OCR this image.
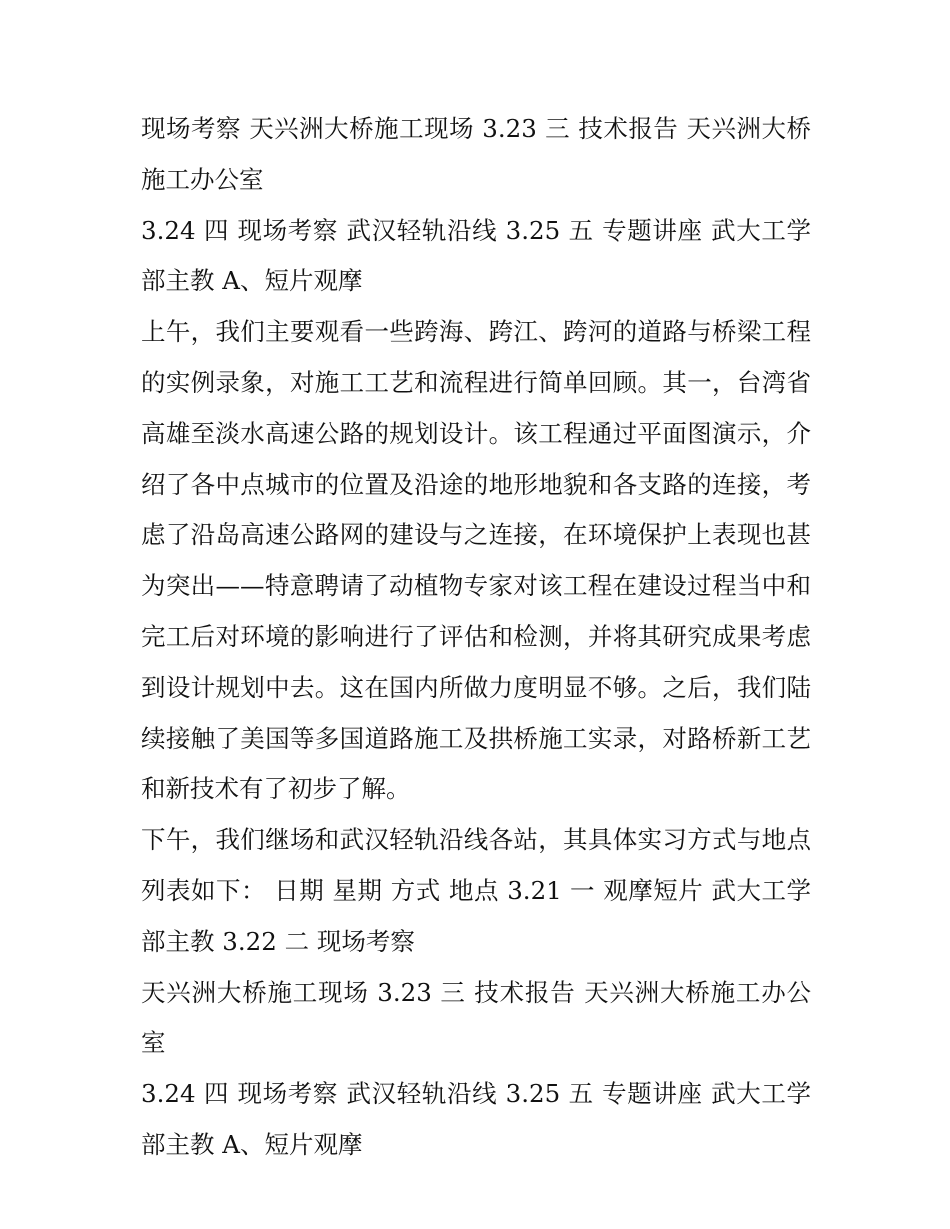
现场考察 天兴洲大桥施工现场 3.23 三 技术报告 天兴洲大桥施工办公室

3.24 四 现场考察 武汉轻轨沿线 3.25 五 专题讲座 武大工学部主教 A、短片观摩

上午，我们主要观看一些跨海、跨江、跨河的道路与桥梁工程的实例录象，对施工工艺和流程进行简单回顾。其一，台湾省高雄至淡水高速公路的规划设计。该工程通过平面图演示，介绍了各中点城市的位置及沿途的地形地貌和各支路的连接，考虑了沿岛高速公路网的建设与之连接，在环境保护上表现也甚为突出——特意聘请了动植物专家对该工程在建设过程当中和完工后对环境的影响进行了评估和检测，并将其研究成果考虑到设计规划中去。这在国内所做力度明显不够。之后，我们陆续接触了美国等多国道路施工及拱桥施工实录，对路桥新工艺和新技术有了初步了解。

下午，我们继场和武汉轻轨沿线各站，其具体实习方式与地点列表如下： 日期 星期 方式 地点 3.21 一 观摩短片 武大工学部主教 3.22 二 现场考察

天兴洲大桥施工现场 3.23 三 技术报告 天兴洲大桥施工办公室

3.24 四 现场考察 武汉轻轨沿线 3.25 五 专题讲座 武大工学部主教 A、短片观摩
